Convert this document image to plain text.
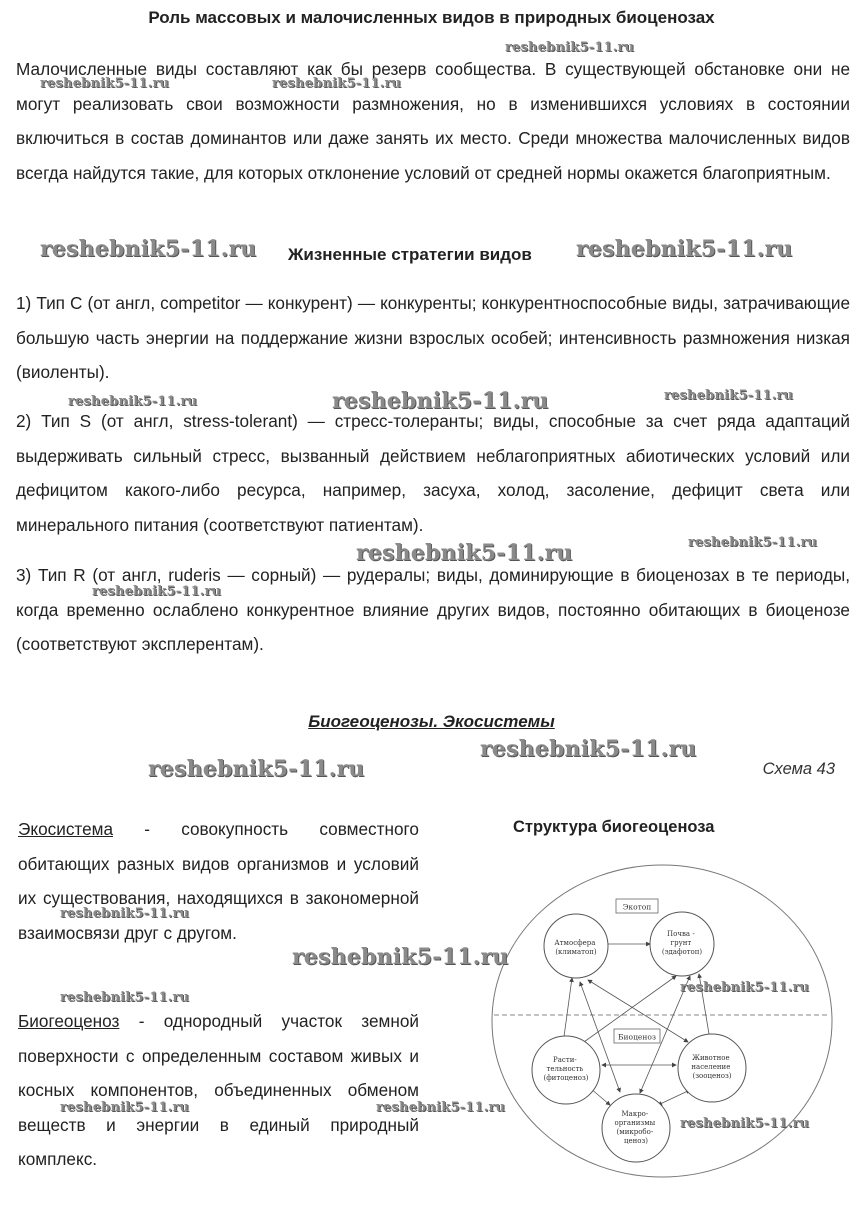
Роль массовых и малочисленных видов в природных биоценозах
Малочисленные виды составляют как бы резерв сообщества. В существующей обстановке они не могут реализовать свои возможности размножения, но в изменившихся условиях в состоянии включиться в состав доминантов или даже занять их место. Среди множества малочисленных видов всегда найдутся такие, для которых отклонение условий от средней нормы окажется благоприятным.
Жизненные стратегии видов
1) Тип С (от англ, competitor — конкурент) — конкуренты; конкурентноспособные виды, затрачивающие большую часть энергии на поддержание жизни взрослых особей; интенсивность размножения низкая (виоленты).
2) Тип S (от англ, stress-tolerant) — стресс-толеранты; виды, способные за счет ряда адаптаций выдерживать сильный стресс, вызванный действием неблагоприятных абиотических условий или дефицитом какого-либо ресурса, например, засуха, холод, засоление, дефицит света или минерального питания (соответствуют патиентам).
3) Тип R (от англ, ruderis — сорный) — рудералы; виды, доминирующие в биоценозах в те периоды, когда временно ослаблено конкурентное влияние других видов, постоянно обитающих в биоценозе (соответствуют эксплерентам).
Биогеоценозы. Экосистемы
Схема 43
Экосистема - совокупность совместного обитающих разных видов организмов и условий их существования, находящихся в закономерной взаимосвязи друг с другом.
Биогеоценоз - однородный участок земной поверхности с определенным составом живых и косных компонентов, объединенных обменом веществ и энергии в единый природный комплекс.
Структура биогеоценоза
Экотоп
Биоценоз
Атмосфера (климатоп)
Почва - грунт (эдафотоп)
Расти- тельность (фитоценоз)
Животное население (зооценоз)
Макро- организмы (микробо- ценоз)
reshebnik5-11.ru
reshebnik5-11.ru	reshebnik5-11.ru
reshebnik5-11.ru	reshebnik5-11.ru
reshebnik5-11.ru	reshebnik5-11.ru	reshebnik5-11.ru
reshebnik5-11.ru	reshebnik5-11.ru
reshebnik5-11.ru
reshebnik5-11.ru
reshebnik5-11.ru
reshebnik5-11.ru
reshebnik5-11.ru
reshebnik5-11.ru
reshebnik5-11.ru
reshebnik5-11.ru	reshebnik5-11.ru
reshebnik5-11.ru
